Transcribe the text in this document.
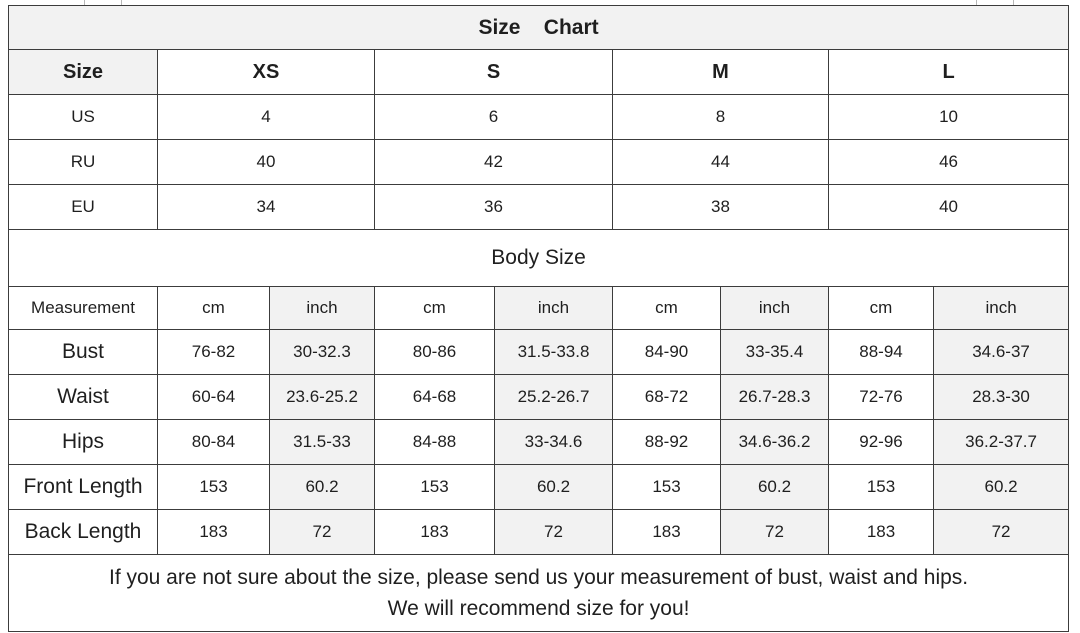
Size    Chart								
Size	XS		S		M		L	
US	4		6		8		10	
RU	40		42		44		46	
EU	34		36		38		40	
Body Size								
Measurement	cm	inch	cm	inch	cm	inch	cm	inch
Bust	76-82	30-32.3	80-86	31.5-33.8	84-90	33-35.4	88-94	34.6-37
Waist	60-64	23.6-25.2	64-68	25.2-26.7	68-72	26.7-28.3	72-76	28.3-30
Hips	80-84	31.5-33	84-88	33-34.6	88-92	34.6-36.2	92-96	36.2-37.7
Front Length	153	60.2	153	60.2	153	60.2	153	60.2
Back Length	183	72	183	72	183	72	183	72

If you are not sure about the size, please send us your measurement of bust, waist and hips.
We will recommend size for you!								
